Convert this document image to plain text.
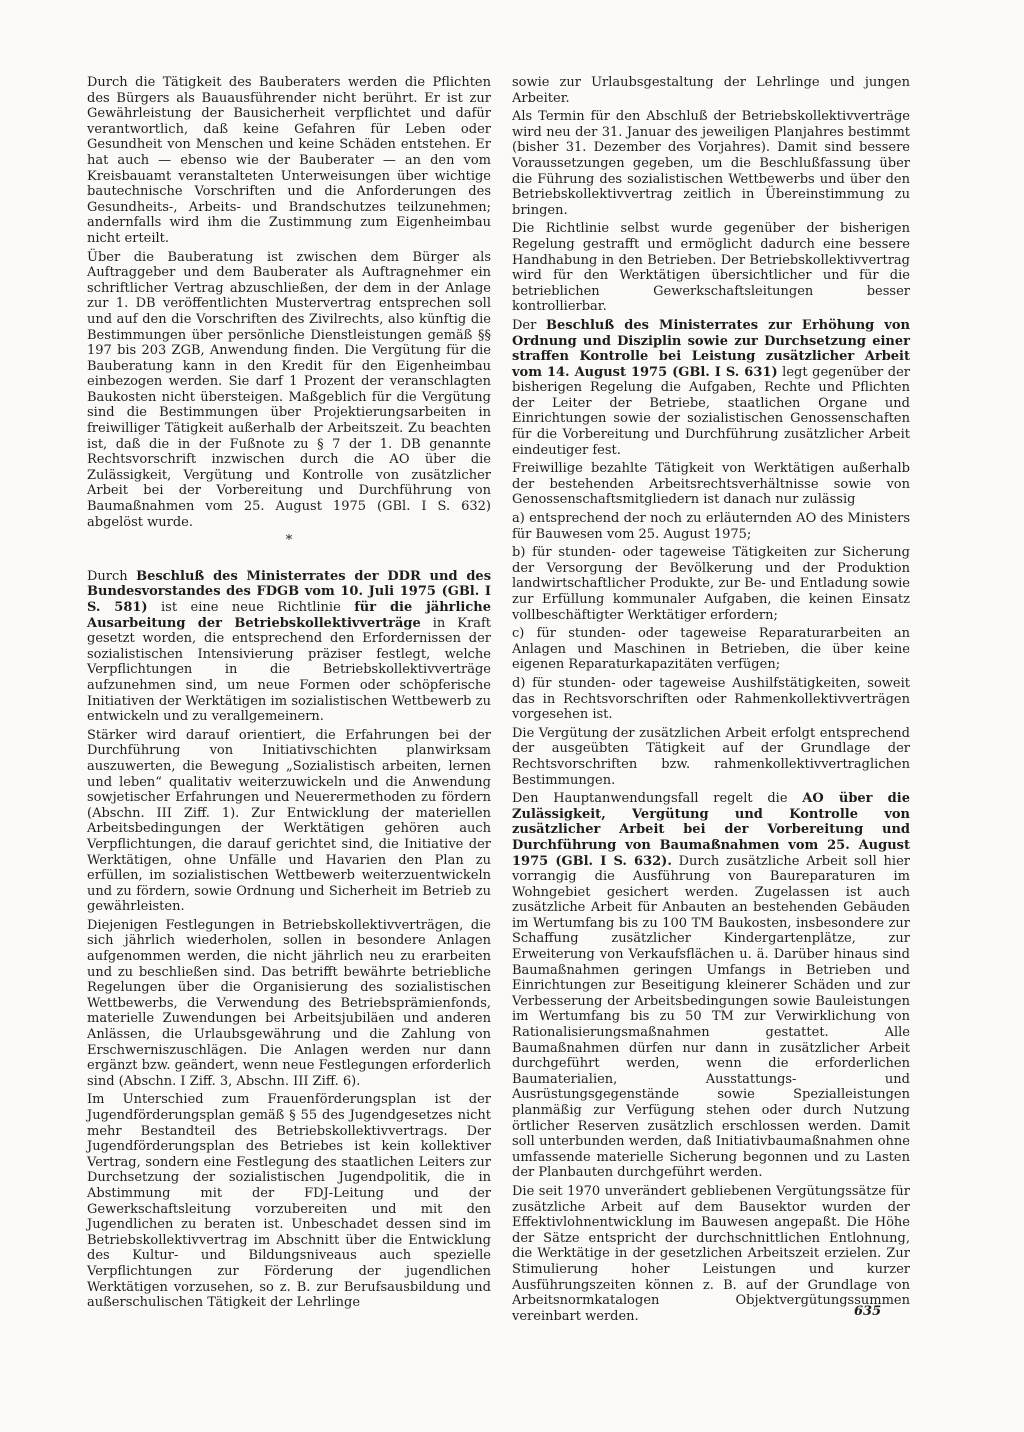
Durch die Tätigkeit des Bauberaters werden die Pflichten des Bürgers als Bauausführender nicht berührt. Er ist zur Gewährleistung der Bausicherheit verpflichtet und dafür verantwortlich, daß keine Gefahren für Leben oder Gesundheit von Menschen und keine Schäden entstehen. Er hat auch — ebenso wie der Bauberater — an den vom Kreisbauamt veranstalteten Unterweisungen über wichtige bautechnische Vorschriften und die Anforderungen des Gesundheits-, Arbeits- und Brandschutzes teilzunehmen; andernfalls wird ihm die Zustimmung zum Eigenheimbau nicht erteilt.

Über die Bauberatung ist zwischen dem Bürger als Auftraggeber und dem Bauberater als Auftragnehmer ein schriftlicher Vertrag abzuschließen, der dem in der Anlage zur 1. DB veröffentlichten Mustervertrag entsprechen soll und auf den die Vorschriften des Zivilrechts, also künftig die Bestimmungen über persönliche Dienstleistungen gemäß §§ 197 bis 203 ZGB, Anwendung finden. Die Vergütung für die Bauberatung kann in den Kredit für den Eigenheimbau einbezogen werden. Sie darf 1 Prozent der veranschlagten Baukosten nicht übersteigen. Maßgeblich für die Vergütung sind die Bestimmungen über Projektierungsarbeiten in freiwilliger Tätigkeit außerhalb der Arbeitszeit. Zu beachten ist, daß die in der Fußnote zu § 7 der 1. DB genannte Rechtsvorschrift inzwischen durch die AO über die Zulässigkeit, Vergütung und Kontrolle von zusätzlicher Arbeit bei der Vorbereitung und Durchführung von Baumaßnahmen vom 25. August 1975 (GBl. I S. 632) abgelöst wurde.

*

Durch Beschluß des Ministerrates der DDR und des Bundesvorstandes des FDGB vom 10. Juli 1975 (GBl. I S. 581) ist eine neue Richtlinie für die jährliche Ausarbeitung der Betriebskollektivverträge in Kraft gesetzt worden, die entsprechend den Erfordernissen der sozialistischen Intensivierung präziser festlegt, welche Verpflichtungen in die Betriebskollektivverträge aufzunehmen sind, um neue Formen oder schöpferische Initiativen der Werktätigen im sozialistischen Wettbewerb zu entwickeln und zu verallgemeinern.

Stärker wird darauf orientiert, die Erfahrungen bei der Durchführung von Initiativschichten planwirksam auszuwerten, die Bewegung „Sozialistisch arbeiten, lernen und leben“ qualitativ weiterzuwickeln und die Anwendung sowjetischer Erfahrungen und Neuerermethoden zu fördern (Abschn. III Ziff. 1). Zur Entwicklung der materiellen Arbeitsbedingungen der Werktätigen gehören auch Verpflichtungen, die darauf gerichtet sind, die Initiative der Werktätigen, ohne Unfälle und Havarien den Plan zu erfüllen, im sozialistischen Wettbewerb weiterzuentwickeln und zu fördern, sowie Ordnung und Sicherheit im Betrieb zu gewährleisten.

Diejenigen Festlegungen in Betriebskollektivverträgen, die sich jährlich wiederholen, sollen in besondere Anlagen aufgenommen werden, die nicht jährlich neu zu erarbeiten und zu beschließen sind. Das betrifft bewährte betriebliche Regelungen über die Organisierung des sozialistischen Wettbewerbs, die Verwendung des Betriebsprämienfonds, materielle Zuwendungen bei Arbeitsjubiläen und anderen Anlässen, die Urlaubsgewährung und die Zahlung von Erschwerniszuschlägen. Die Anlagen werden nur dann ergänzt bzw. geändert, wenn neue Festlegungen erforderlich sind (Abschn. I Ziff. 3, Abschn. III Ziff. 6).

Im Unterschied zum Frauenförderungsplan ist der Jugendförderungsplan gemäß § 55 des Jugendgesetzes nicht mehr Bestandteil des Betriebskollektivvertrags. Der Jugendförderungsplan des Betriebes ist kein kollektiver Vertrag, sondern eine Festlegung des staatlichen Leiters zur Durchsetzung der sozialistischen Jugendpolitik, die in Abstimmung mit der FDJ-Leitung und der Gewerkschaftsleitung vorzubereiten und mit den Jugendlichen zu beraten ist. Unbeschadet dessen sind im Betriebskollektivvertrag im Abschnitt über die Entwicklung des Kultur- und Bildungsniveaus auch spezielle Verpflichtungen zur Förderung der jugendlichen Werktätigen vorzusehen, so z. B. zur Berufsausbildung und außerschulischen Tätigkeit der Lehrlinge

sowie zur Urlaubsgestaltung der Lehrlinge und jungen Arbeiter.

Als Termin für den Abschluß der Betriebskollektivverträge wird neu der 31. Januar des jeweiligen Planjahres bestimmt (bisher 31. Dezember des Vorjahres). Damit sind bessere Voraussetzungen gegeben, um die Beschlußfassung über die Führung des sozialistischen Wettbewerbs und über den Betriebskollektivvertrag zeitlich in Übereinstimmung zu bringen.

Die Richtlinie selbst wurde gegenüber der bisherigen Regelung gestrafft und ermöglicht dadurch eine bessere Handhabung in den Betrieben. Der Betriebskollektivvertrag wird für den Werktätigen übersichtlicher und für die betrieblichen Gewerkschaftsleitungen besser kontrollierbar.

Der Beschluß des Ministerrates zur Erhöhung von Ordnung und Disziplin sowie zur Durchsetzung einer straffen Kontrolle bei Leistung zusätzlicher Arbeit vom 14. August 1975 (GBl. I S. 631) legt gegenüber der bisherigen Regelung die Aufgaben, Rechte und Pflichten der Leiter der Betriebe, staatlichen Organe und Einrichtungen sowie der sozialistischen Genossenschaften für die Vorbereitung und Durchführung zusätzlicher Arbeit eindeutiger fest.

Freiwillige bezahlte Tätigkeit von Werktätigen außerhalb der bestehenden Arbeitsrechtsverhältnisse sowie von Genossenschaftsmitgliedern ist danach nur zulässig

a) entsprechend der noch zu erläuternden AO des Ministers für Bauwesen vom 25. August 1975;

b) für stunden- oder tageweise Tätigkeiten zur Sicherung der Versorgung der Bevölkerung und der Produktion landwirtschaftlicher Produkte, zur Be- und Entladung sowie zur Erfüllung kommunaler Aufgaben, die keinen Einsatz vollbeschäftigter Werktätiger erfordern;

c) für stunden- oder tageweise Reparaturarbeiten an Anlagen und Maschinen in Betrieben, die über keine eigenen Reparaturkapazitäten verfügen;

d) für stunden- oder tageweise Aushilfstätigkeiten, soweit das in Rechtsvorschriften oder Rahmenkollektivverträgen vorgesehen ist.

Die Vergütung der zusätzlichen Arbeit erfolgt entsprechend der ausgeübten Tätigkeit auf der Grundlage der Rechtsvorschriften bzw. rahmenkollektivvertraglichen Bestimmungen.

Den Hauptanwendungsfall regelt die AO über die Zulässigkeit, Vergütung und Kontrolle von zusätzlicher Arbeit bei der Vorbereitung und Durchführung von Baumaßnahmen vom 25. August 1975 (GBl. I S. 632). Durch zusätzliche Arbeit soll hier vorrangig die Ausführung von Baureparaturen im Wohngebiet gesichert werden. Zugelassen ist auch zusätzliche Arbeit für Anbauten an bestehenden Gebäuden im Wertumfang bis zu 100 TM Baukosten, insbesondere zur Schaffung zusätzlicher Kindergartenplätze, zur Erweiterung von Verkaufsflächen u. ä. Darüber hinaus sind Baumaßnahmen geringen Umfangs in Betrieben und Einrichtungen zur Beseitigung kleinerer Schäden und zur Verbesserung der Arbeitsbedingungen sowie Bauleistungen im Wertumfang bis zu 50 TM zur Verwirklichung von Rationalisierungsmaßnahmen gestattet. Alle Baumaßnahmen dürfen nur dann in zusätzlicher Arbeit durchgeführt werden, wenn die erforderlichen Baumaterialien, Ausstattungs- und Ausrüstungsgegenstände sowie Spezialleistungen planmäßig zur Verfügung stehen oder durch Nutzung örtlicher Reserven zusätzlich erschlossen werden. Damit soll unterbunden werden, daß Initiativbaumaßnahmen ohne umfassende materielle Sicherung begonnen und zu Lasten der Planbauten durchgeführt werden.

Die seit 1970 unverändert gebliebenen Vergütungssätze für zusätzliche Arbeit auf dem Bausektor wurden der Effektivlohnentwicklung im Bauwesen angepaßt. Die Höhe der Sätze entspricht der durchschnittlichen Entlohnung, die Werktätige in der gesetzlichen Arbeitszeit erzielen. Zur Stimulierung hoher Leistungen und kurzer Ausführungszeiten können z. B. auf der Grundlage von Arbeitsnormkatalogen Objektvergütungssummen vereinbart werden.	635
